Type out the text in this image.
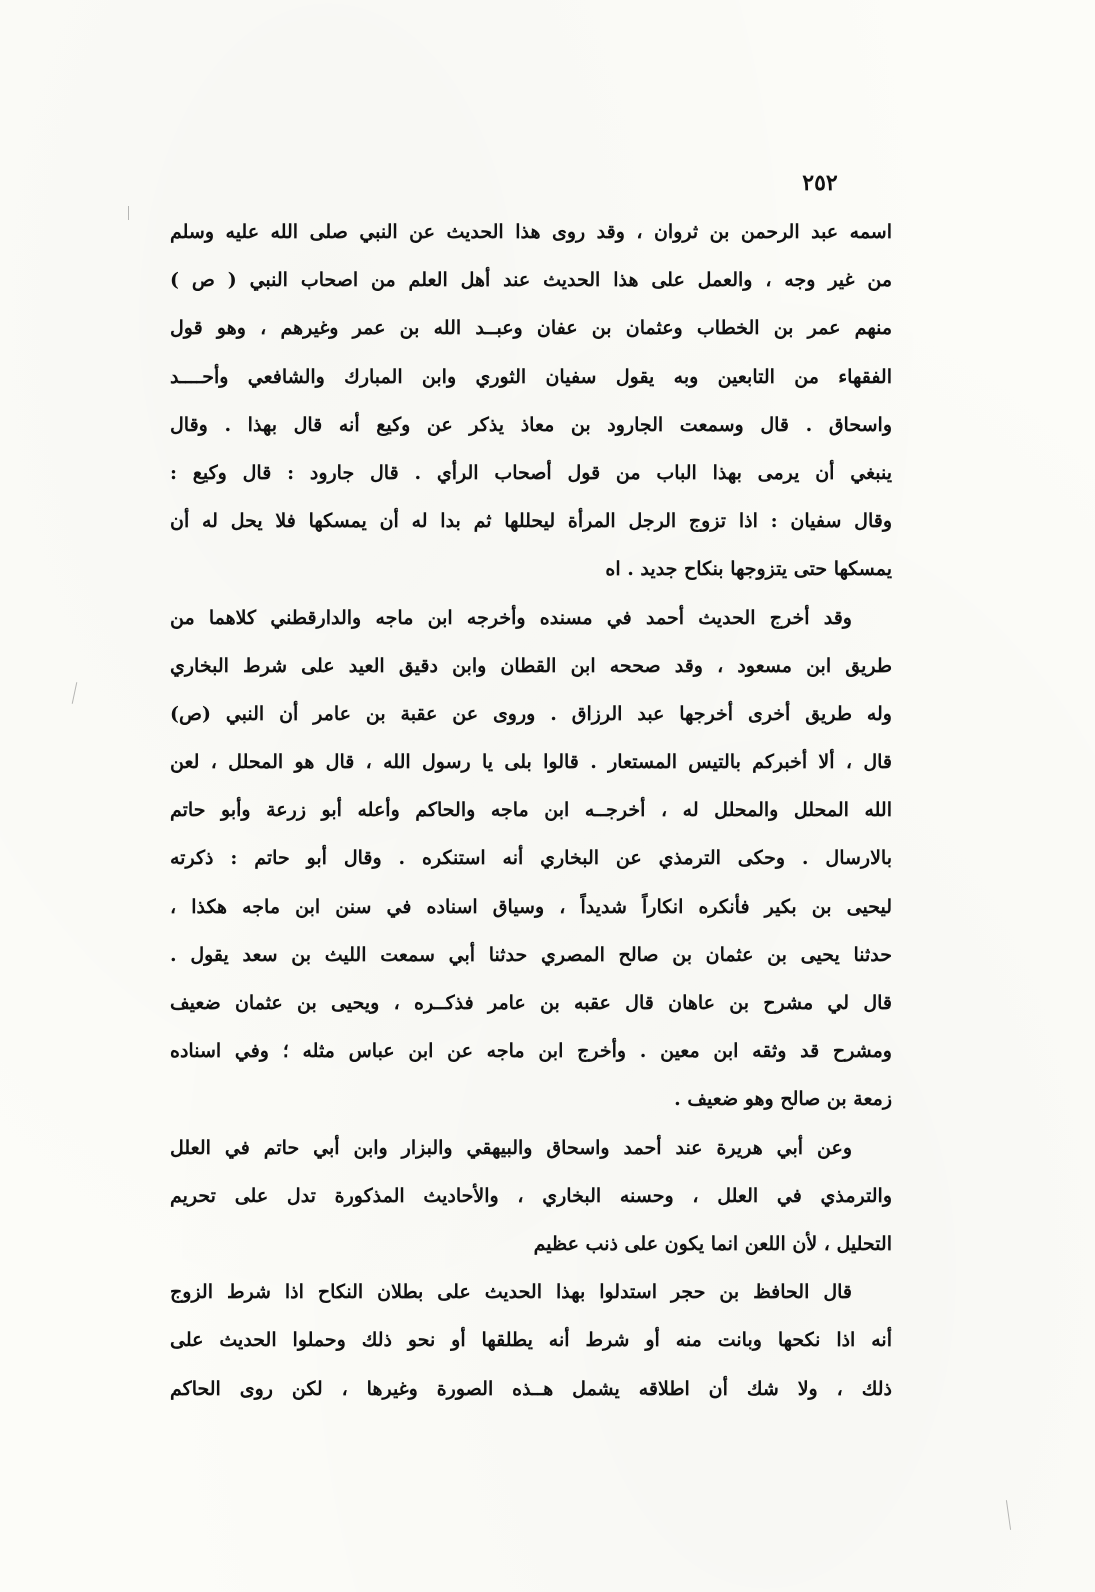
٢٥٢
اسمه عبد الرحمن بن ثروان ، وقد روى هذا الحديث عن النبي صلى الله عليه وسلم
من غير وجه ، والعمل على هذا الحديث عند أهل العلم من اصحاب النبي ( ص )
منهم عمر بن الخطاب وعثمان بن عفان وعبــد الله بن عمر وغيرهم ، وهو قول
الفقهاء من التابعين وبه يقول سفيان الثوري وابن المبارك والشافعي وأحــــد
واسحاق . قال وسمعت الجارود بن معاذ يذكر عن وكيع أنه قال بهذا . وقال
ينبغي أن يرمى بهذا الباب من قول أصحاب الرأي . قال جارود : قال وكيع :
وقال سفيان : اذا تزوج الرجل المرأة ليحللها ثم بدا له أن يمسكها فلا يحل له أن
يمسكها حتى يتزوجها بنكاح جديد . اه
وقد أخرج الحديث أحمد في مسنده وأخرجه ابن ماجه والدارقطني كلاهما من
طريق ابن مسعود ، وقد صححه ابن القطان وابن دقيق العيد على شرط البخاري
وله طريق أخرى أخرجها عبد الرزاق . وروى عن عقبة بن عامر أن النبي (ص)
قال ، ألا أخبركم بالتيس المستعار . قالوا بلى يا رسول الله ، قال هو المحلل ، لعن
الله المحلل والمحلل له ، أخرجــه ابن ماجه والحاكم وأعله أبو زرعة وأبو حاتم
بالارسال . وحكى الترمذي عن البخاري أنه استنكره . وقال أبو حاتم : ذكرته
ليحيى بن بكير فأنكره انكاراً شديداً ، وسياق اسناده في سنن ابن ماجه هكذا ،
حدثنا يحيى بن عثمان بن صالح المصري حدثنا أبي سمعت الليث بن سعد يقول .
قال لي مشرح بن عاهان قال عقبه بن عامر فذكــره ، ويحيى بن عثمان ضعيف
ومشرح قد وثقه ابن معين . وأخرج ابن ماجه عن ابن عباس مثله ؛ وفي اسناده
زمعة بن صالح وهو ضعيف .
وعن أبي هريرة عند أحمد واسحاق والبيهقي والبزار وابن أبي حاتم في العلل
والترمذي في العلل ، وحسنه البخاري ، والأحاديث المذكورة تدل على تحريم
التحليل ، لأن اللعن انما يكون على ذنب عظيم
قال الحافظ بن حجر استدلوا بهذا الحديث على بطلان النكاح اذا شرط الزوج
أنه اذا نكحها وبانت منه أو شرط أنه يطلقها أو نحو ذلك وحملوا الحديث على
ذلك ، ولا شك أن اطلاقه يشمل هــذه الصورة وغيرها ، لكن روى الحاكم
